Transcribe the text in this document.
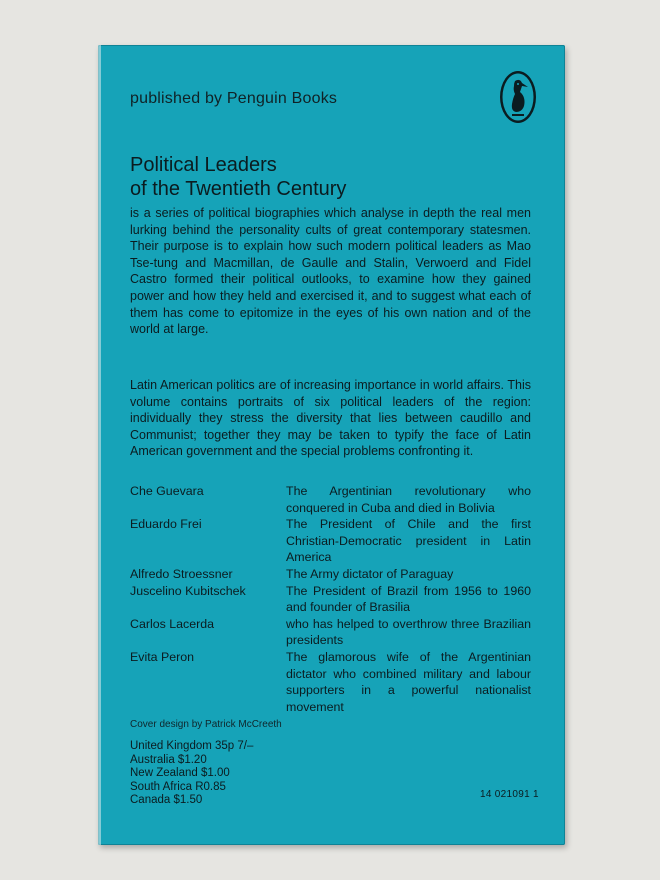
published by Penguin Books
Political Leaders
of the Twentieth Century
is a series of political biographies which analyse in depth the real men lurking behind the personality cults of great contemporary statesmen. Their purpose is to explain how such modern political leaders as Mao Tse-tung and Macmillan, de Gaulle and Stalin, Verwoerd and Fidel Castro formed their political outlooks, to examine how they gained power and how they held and exercised it, and to suggest what each of them has come to epitomize in the eyes of his own nation and of the world at large.
Latin American politics are of increasing importance in world affairs. This volume contains portraits of six political leaders of the region: individually they stress the diversity that lies between caudillo and Communist; together they may be taken to typify the face of Latin American government and the special problems confronting it.
Che Guevara	The Argentinian revolutionary who conquered in Cuba and died in Bolivia
Eduardo Frei	The President of Chile and the first Christian-Democratic president in Latin America
Alfredo Stroessner	The Army dictator of Paraguay
Juscelino Kubitschek	The President of Brazil from 1956 to 1960 and founder of Brasilia
Carlos Lacerda	who has helped to overthrow three Brazilian presidents
Evita Peron	The glamorous wife of the Argentinian dictator who combined military and labour supporters in a powerful nationalist movement
Cover design by Patrick McCreeth
United Kingdom 35p 7/–
Australia $1.20
New Zealand $1.00
South Africa R0.85
Canada $1.50	14 021091 1
